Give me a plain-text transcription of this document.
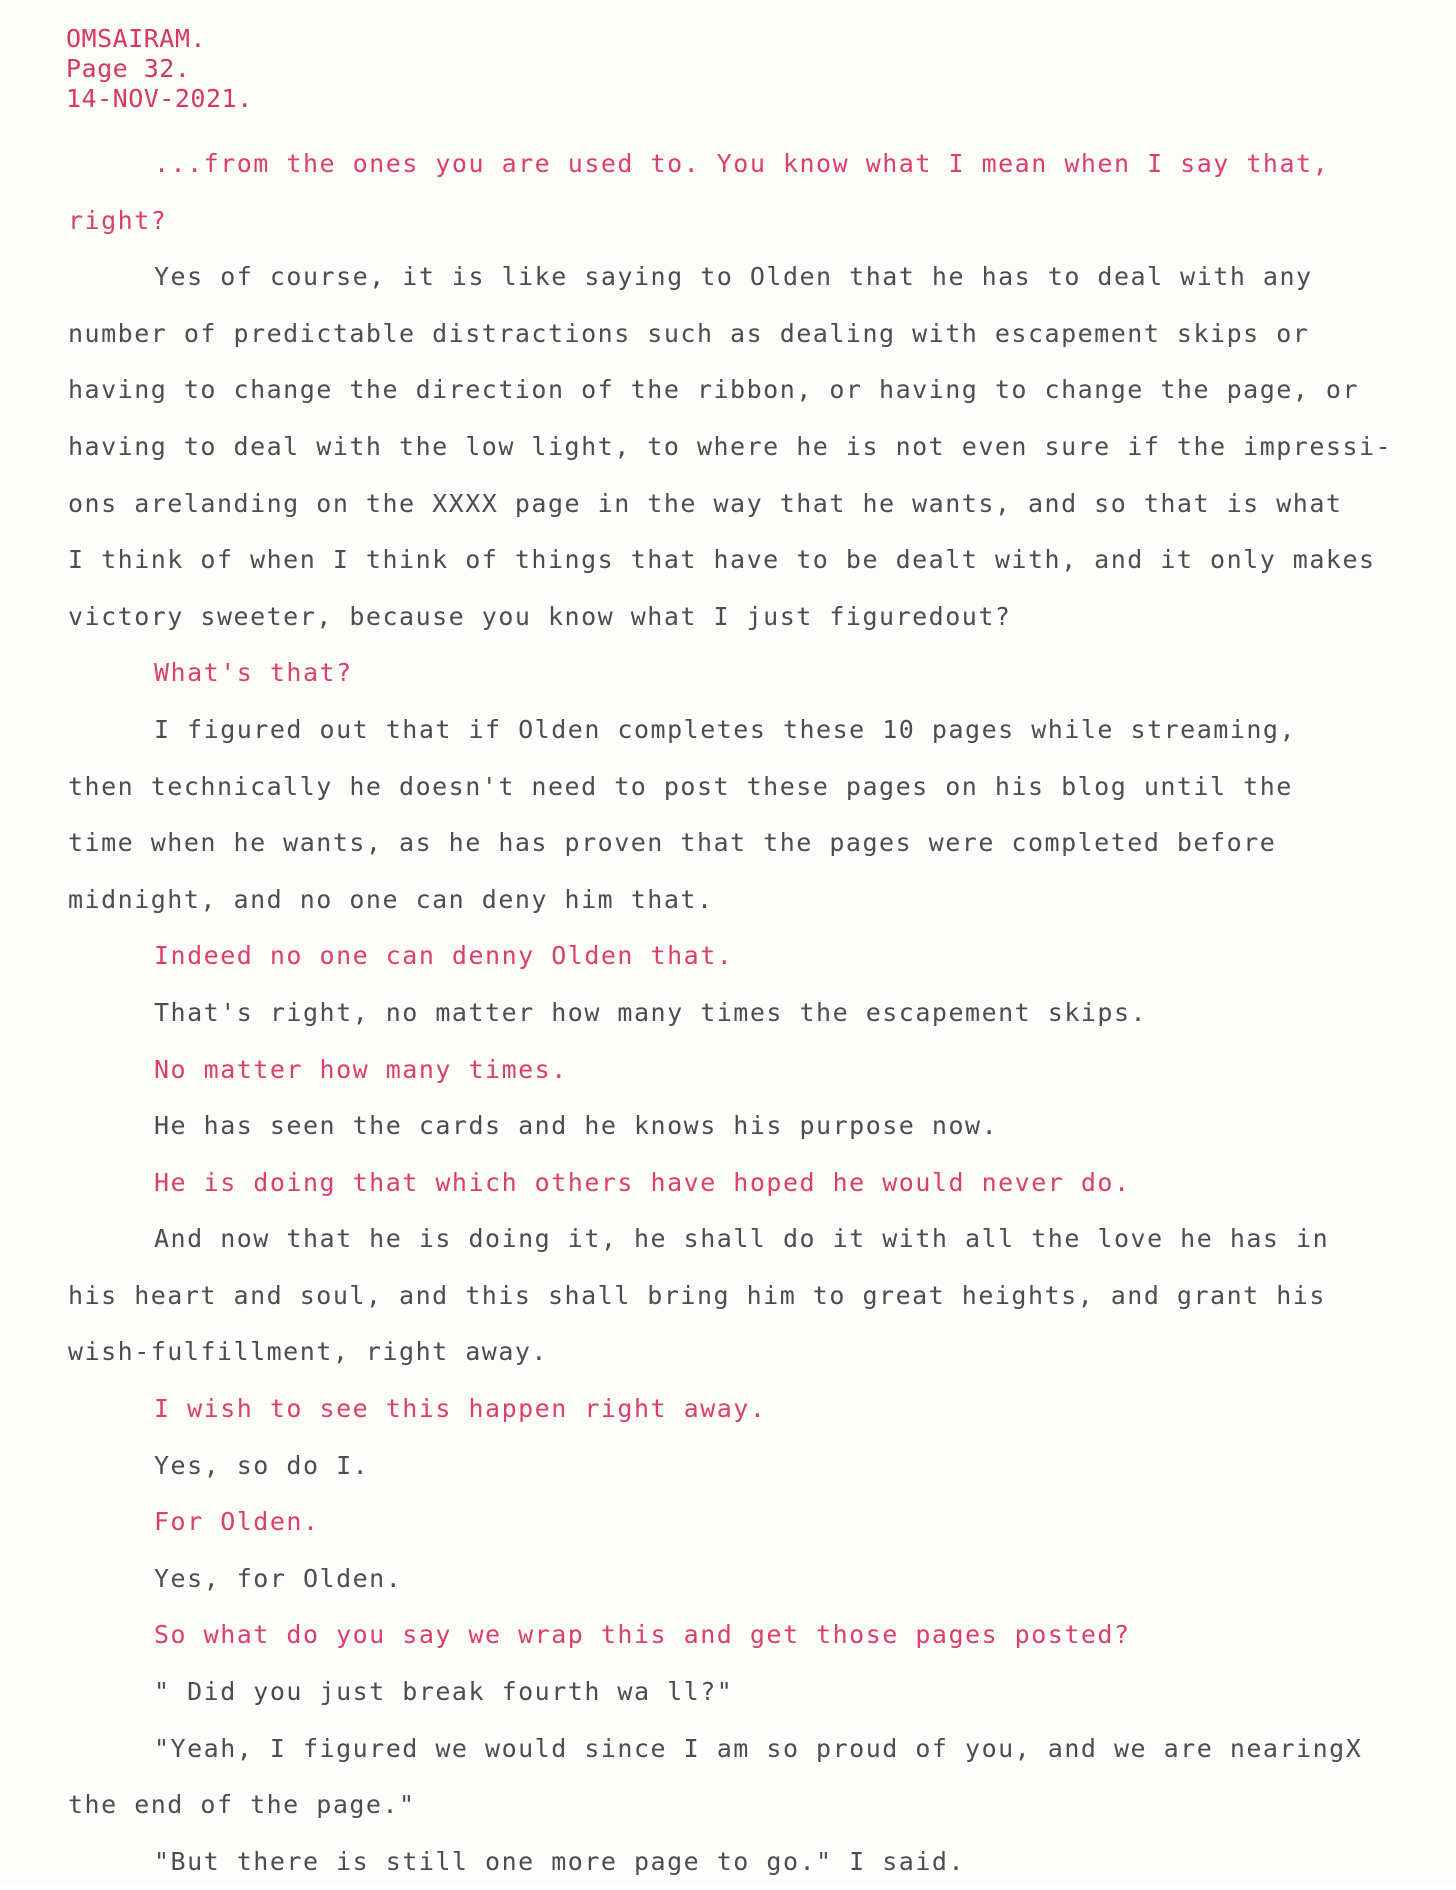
OMSAIRAM.
Page 32.
14-NOV-2021.
...from the ones you are used to. You know what I mean when I say that,
right?
Yes of course, it is like saying to Olden that he has to deal with any
number of predictable distractions such as dealing with escapement skips or
having to change the direction of the ribbon, or having to change the page, or
having to deal with the low light, to where he is not even sure if the impressi-
ons arelanding on the XXXX page in the way that he wants, and so that is what
I think of when I think of things that have to be dealt with, and it only makes
victory sweeter, because you know what I just figuredout?
What's that?
I figured out that if Olden completes these 10 pages while streaming,
then technically he doesn't need to post these pages on his blog until the
time when he wants, as he has proven that the pages were completed before
midnight, and no one can deny him that.
Indeed no one can denny Olden that.
That's right, no matter how many times the escapement skips.
No matter how many times.
He has seen the cards and he knows his purpose now.
He is doing that which others have hoped he would never do.
And now that he is doing it, he shall do it with all the love he has in
his heart and soul, and this shall bring him to great heights, and grant his
wish-fulfillment, right away.
I wish to see this happen right away.
Yes, so do I.
For Olden.
Yes, for Olden.
So what do you say we wrap this and get those pages posted?
" Did you just break fourth wa ll?"
"Yeah, I figured we would since I am so proud of you, and we are nearingX
the end of the page."
"But there is still one more page to go." I said.
